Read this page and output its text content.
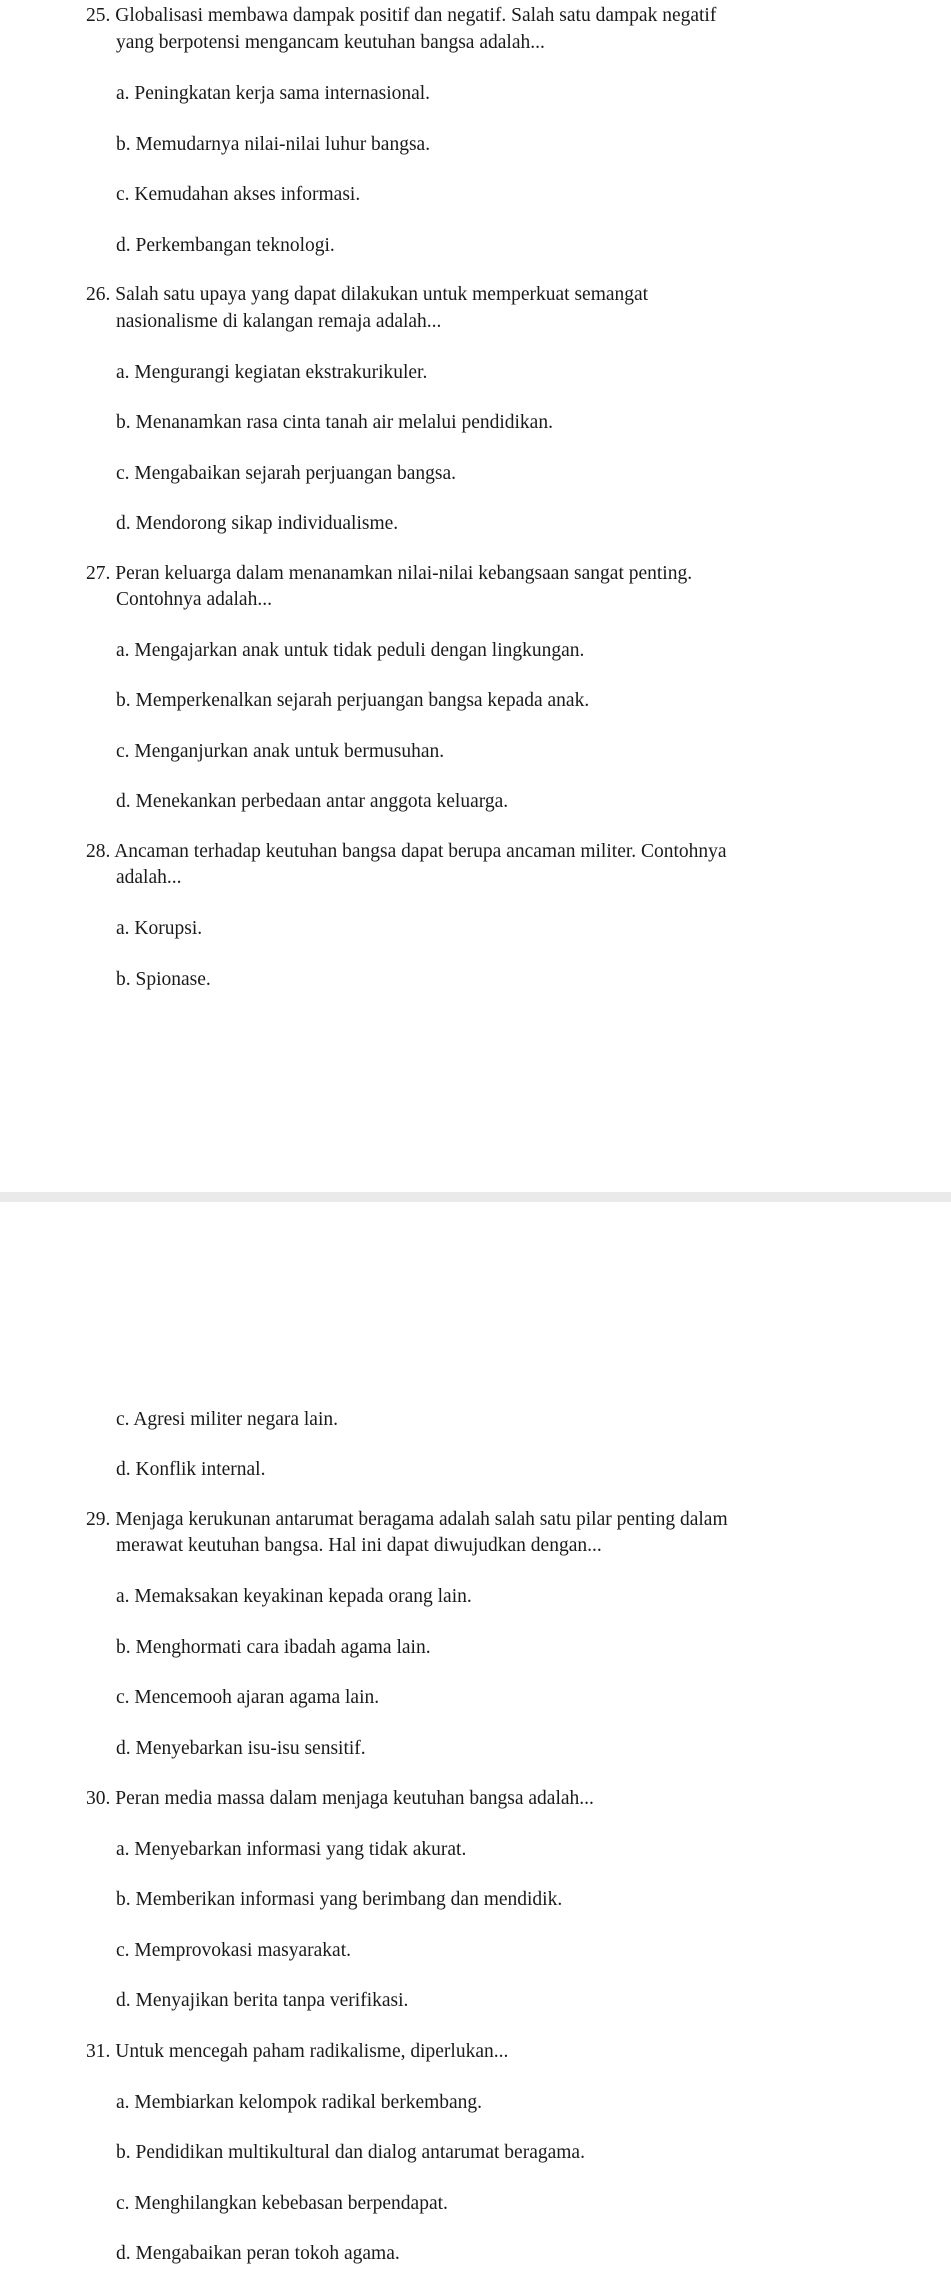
25. Globalisasi membawa dampak positif dan negatif. Salah satu dampak negatif

yang berpotensi mengancam keutuhan bangsa adalah...

a. Peningkatan kerja sama internasional.

b. Memudarnya nilai-nilai luhur bangsa.

c. Kemudahan akses informasi.

d. Perkembangan teknologi.

26. Salah satu upaya yang dapat dilakukan untuk memperkuat semangat

nasionalisme di kalangan remaja adalah...

a. Mengurangi kegiatan ekstrakurikuler.

b. Menanamkan rasa cinta tanah air melalui pendidikan.

c. Mengabaikan sejarah perjuangan bangsa.

d. Mendorong sikap individualisme.

27. Peran keluarga dalam menanamkan nilai-nilai kebangsaan sangat penting.

Contohnya adalah...

a. Mengajarkan anak untuk tidak peduli dengan lingkungan.

b. Memperkenalkan sejarah perjuangan bangsa kepada anak.

c. Menganjurkan anak untuk bermusuhan.

d. Menekankan perbedaan antar anggota keluarga.

28. Ancaman terhadap keutuhan bangsa dapat berupa ancaman militer. Contohnya

adalah...

a. Korupsi.

b. Spionase.

c. Agresi militer negara lain.

d. Konflik internal.

29. Menjaga kerukunan antarumat beragama adalah salah satu pilar penting dalam

merawat keutuhan bangsa. Hal ini dapat diwujudkan dengan...

a. Memaksakan keyakinan kepada orang lain.

b. Menghormati cara ibadah agama lain.

c. Mencemooh ajaran agama lain.

d. Menyebarkan isu-isu sensitif.

30. Peran media massa dalam menjaga keutuhan bangsa adalah...

a. Menyebarkan informasi yang tidak akurat.

b. Memberikan informasi yang berimbang dan mendidik.

c. Memprovokasi masyarakat.

d. Menyajikan berita tanpa verifikasi.

31. Untuk mencegah paham radikalisme, diperlukan...

a. Membiarkan kelompok radikal berkembang.

b. Pendidikan multikultural dan dialog antarumat beragama.

c. Menghilangkan kebebasan berpendapat.

d. Mengabaikan peran tokoh agama.
